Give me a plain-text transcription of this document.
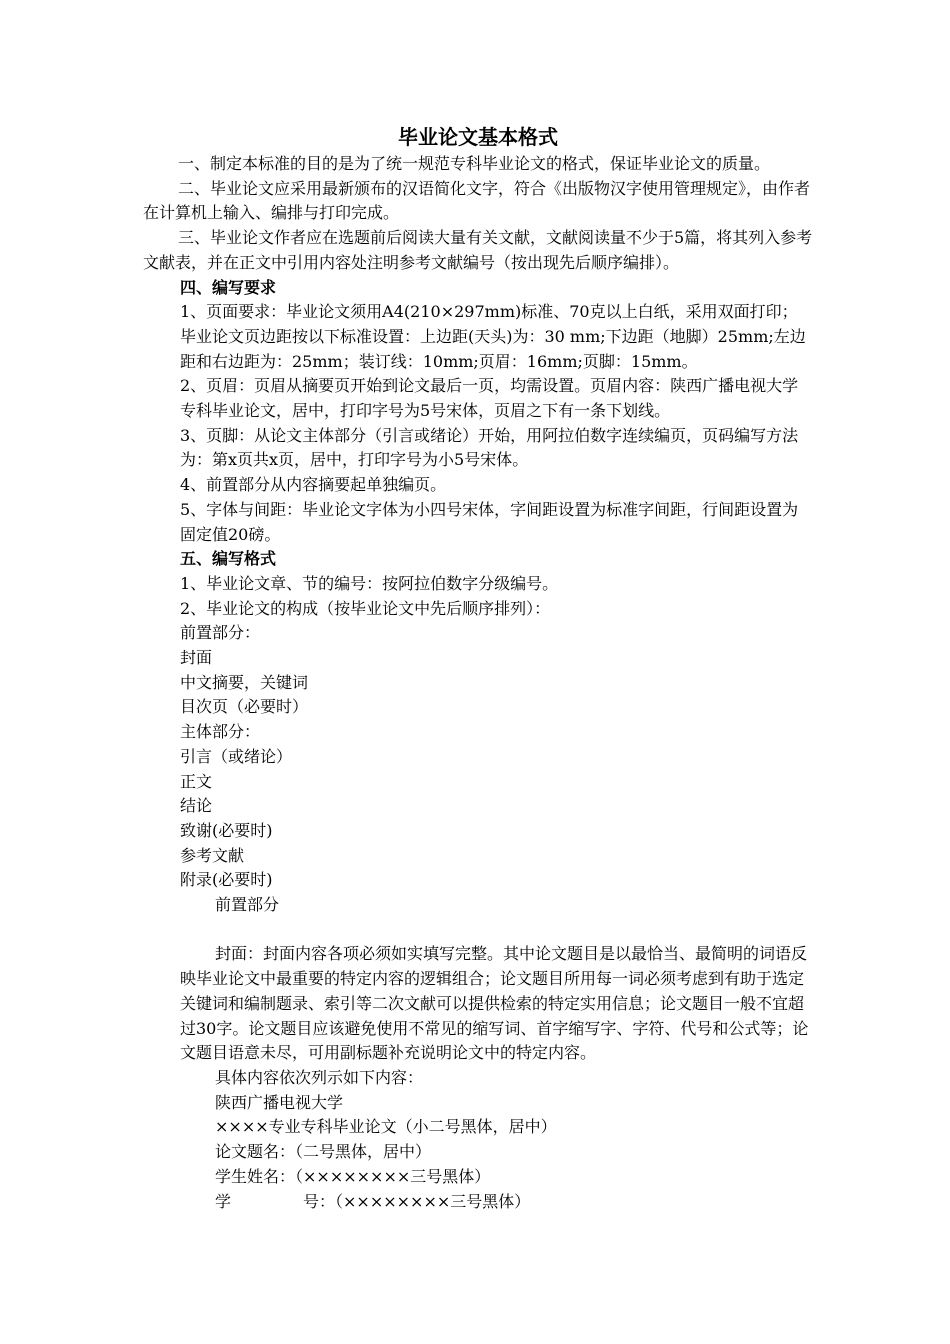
毕业论文基本格式

一、制定本标准的目的是为了统一规范专科毕业论文的格式，保证毕业论文的质量。

二、毕业论文应采用最新颁布的汉语简化文字，符合《出版物汉字使用管理规定》，由作者在计算机上输入、编排与打印完成。

三、毕业论文作者应在选题前后阅读大量有关文献，文献阅读量不少于5篇，将其列入参考文献表，并在正文中引用内容处注明参考文献编号（按出现先后顺序编排）。

四、编写要求

1、页面要求：毕业论文须用A4(210×297mm)标准、70克以上白纸，采用双面打印；毕业论文页边距按以下标准设置：上边距(天头)为：30 mm;下边距（地脚）25mm;左边距和右边距为：25mm；装订线：10mm;页眉：16mm;页脚：15mm。

2、页眉：页眉从摘要页开始到论文最后一页，均需设置。页眉内容：陕西广播电视大学专科毕业论文，居中，打印字号为5号宋体，页眉之下有一条下划线。

3、页脚：从论文主体部分（引言或绪论）开始，用阿拉伯数字连续编页，页码编写方法为：第x页共x页，居中，打印字号为小5号宋体。

4、前置部分从内容摘要起单独编页。

5、字体与间距：毕业论文字体为小四号宋体，字间距设置为标准字间距，行间距设置为固定值20磅。

五、编写格式

1、毕业论文章、节的编号：按阿拉伯数字分级编号。

2、毕业论文的构成（按毕业论文中先后顺序排列）：

前置部分：

封面

中文摘要，关键词

目次页（必要时）

主体部分：

引言（或绪论）

正文

结论

致谢(必要时)

参考文献

附录(必要时)

前置部分

封面：封面内容各项必须如实填写完整。其中论文题目是以最恰当、最简明的词语反映毕业论文中最重要的特定内容的逻辑组合；论文题目所用每一词必须考虑到有助于选定关键词和编制题录、索引等二次文献可以提供检索的特定实用信息；论文题目一般不宜超过30字。论文题目应该避免使用不常见的缩写词、首字缩写字、字符、代号和公式等；论文题目语意未尽，可用副标题补充说明论文中的特定内容。

具体内容依次列示如下内容：

陕西广播电视大学

××××专业专科毕业论文（小二号黑体，居中）

论文题名：（二号黑体，居中）

学生姓名：（××××××××三号黑体）

学	号：（××××××××三号黑体）
